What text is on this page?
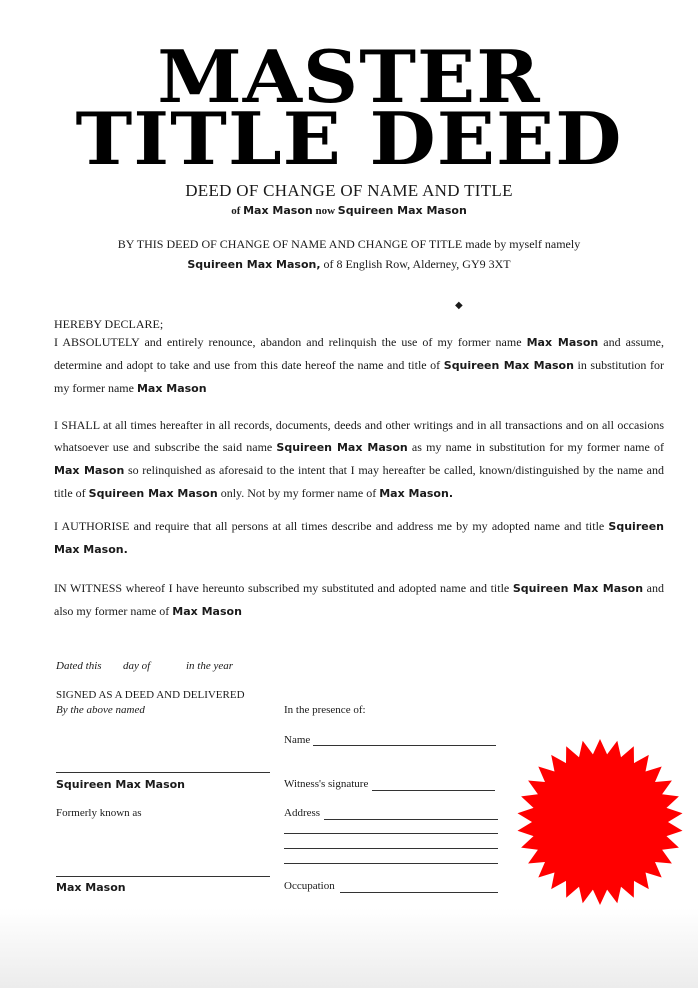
MASTER
TITLE DEED
DEED OF CHANGE OF NAME AND TITLE
of Max Mason now Squireen Max Mason
BY THIS DEED OF CHANGE OF NAME AND CHANGE OF TITLE made by myself namely
Squireen Max Mason, of 8 English Row, Alderney, GY9 3XT
◆
HEREBY DECLARE;
I ABSOLUTELY and entirely renounce, abandon and relinquish the use of my former name Max Mason and assume, determine and adopt to take and use from this date hereof the name and title of Squireen Max Mason in substitution for my former name Max Mason
I SHALL at all times hereafter in all records, documents, deeds and other writings and in all transactions and on all occasions whatsoever use and subscribe the said name Squireen Max Mason as my name in substitution for my former name of Max Mason so relinquished as aforesaid to the intent that I may hereafter be called, known/distinguished by the name and title of Squireen Max Mason only. Not by my former name of Max Mason.
I AUTHORISE and require that all persons at all times describe and address me by my adopted name and title Squireen Max Mason.
IN WITNESS whereof I have hereunto subscribed my substituted and adopted name and title Squireen Max Mason and also my former name of Max Mason
Dated this day of	in the year
SIGNED AS A DEED AND DELIVERED
By the above named
Squireen Max Mason
Formerly known as
Max Mason
In the presence of:
Name
Witness's signature
Address
Occupation
